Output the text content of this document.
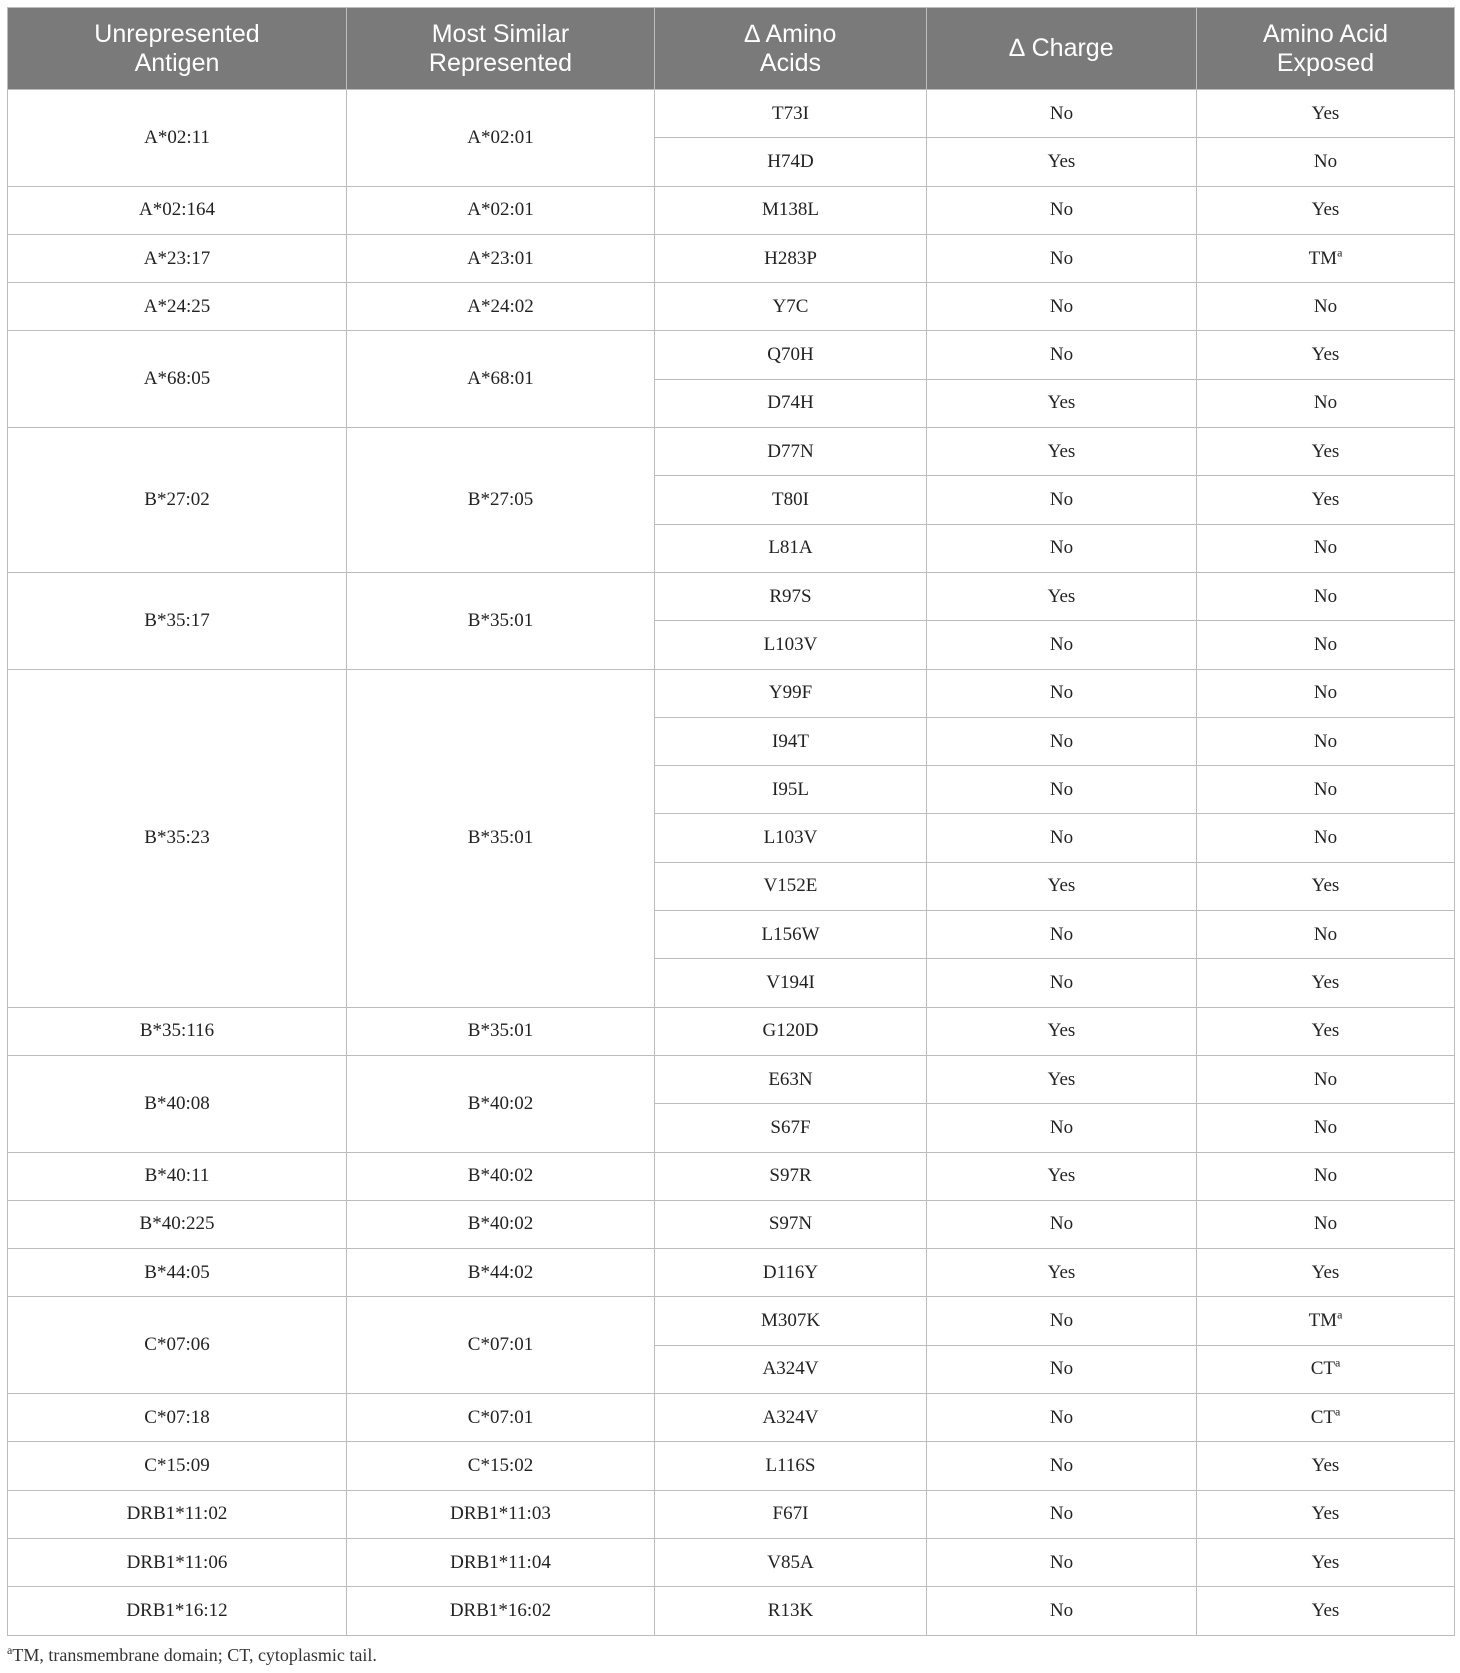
Unrepresented
Antigen	Most Similar
Represented	∆ Amino
Acids	∆ Charge	Amino Acid
Exposed

A*02:11	A*02:01	T73I	No	Yes
		H74D	Yes	No
A*02:164	A*02:01	M138L	No	Yes
A*23:17	A*23:01	H283P	No	TM$^a$
A*24:25	A*24:02	Y7C	No	No
A*68:05	A*68:01	Q70H	No	Yes
		D74H	Yes	No
B*27:02	B*27:05	D77N	Yes	Yes
		T80I	No	Yes
		L81A	No	No
B*35:17	B*35:01	R97S	Yes	No
		L103V	No	No
B*35:23	B*35:01	Y99F	No	No
		I94T	No	No
		I95L	No	No
		L103V	No	No
		V152E	Yes	Yes
		L156W	No	No
		V194I	No	Yes
B*35:116	B*35:01	G120D	Yes	Yes
B*40:08	B*40:02	E63N	Yes	No
		S67F	No	No
B*40:11	B*40:02	S97R	Yes	No
B*40:225	B*40:02	S97N	No	No
B*44:05	B*44:02	D116Y	Yes	Yes
C*07:06	C*07:01	M307K	No	TM$^a$
		A324V	No	CT$^a$
C*07:18	C*07:01	A324V	No	CT$^a$
C*15:09	C*15:02	L116S	No	Yes
DRB1*11:02	DRB1*11:03	F67I	No	Yes
DRB1*11:06	DRB1*11:04	V85A	No	Yes
DRB1*16:12	DRB1*16:02	R13K	No	Yes

$^a$TM, transmembrane domain; CT, cytoplasmic tail.
